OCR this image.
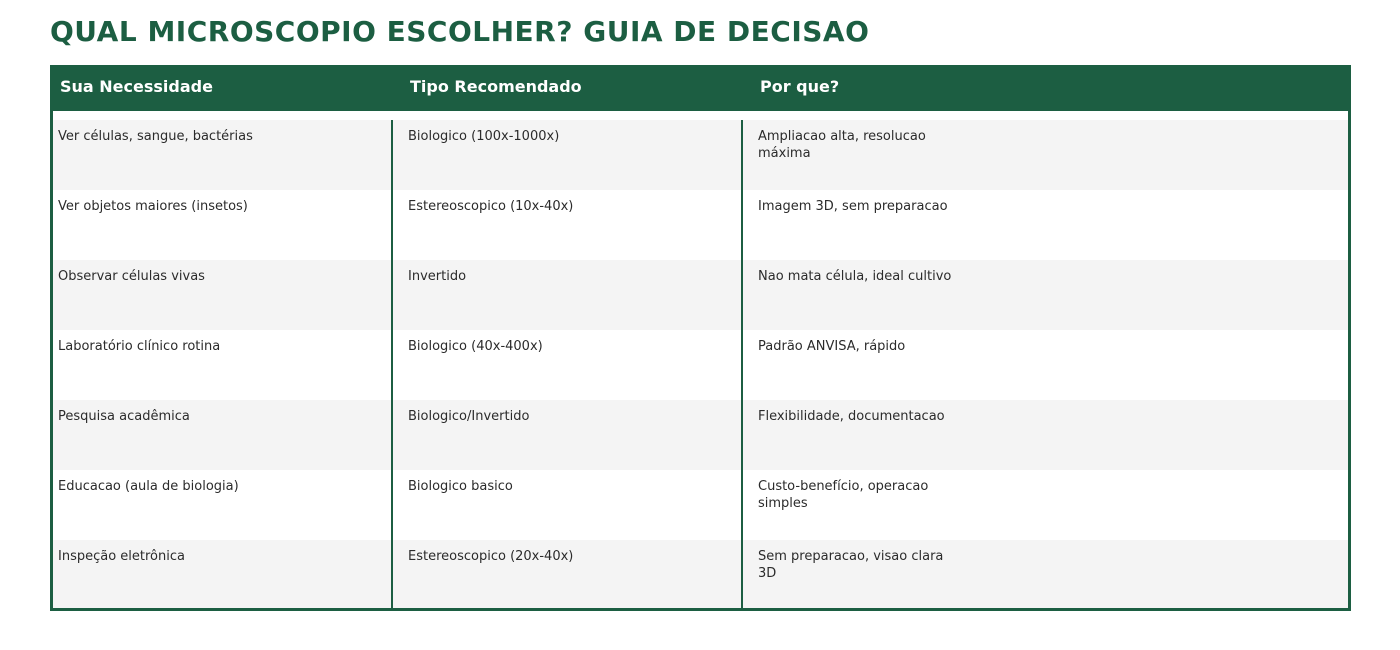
QUAL MICROSCOPIO ESCOLHER? GUIA DE DECISAO
Sua Necessidade	Tipo Recomendado	Por que?
Ver células, sangue, bactérias	Biologico (100x-1000x)	Ampliacao alta, resolucao máxima
Ver objetos maiores (insetos)	Estereoscopico (10x-40x)	Imagem 3D, sem preparacao
Observar células vivas	Invertido	Nao mata célula, ideal cultivo
Laboratório clínico rotina	Biologico (40x-400x)	Padrão ANVISA, rápido
Pesquisa acadêmica	Biologico/Invertido	Flexibilidade, documentacao
Educacao (aula de biologia)	Biologico basico	Custo-benefício, operacao simples
Inspeção eletrônica	Estereoscopico (20x-40x)	Sem preparacao, visao clara 3D
